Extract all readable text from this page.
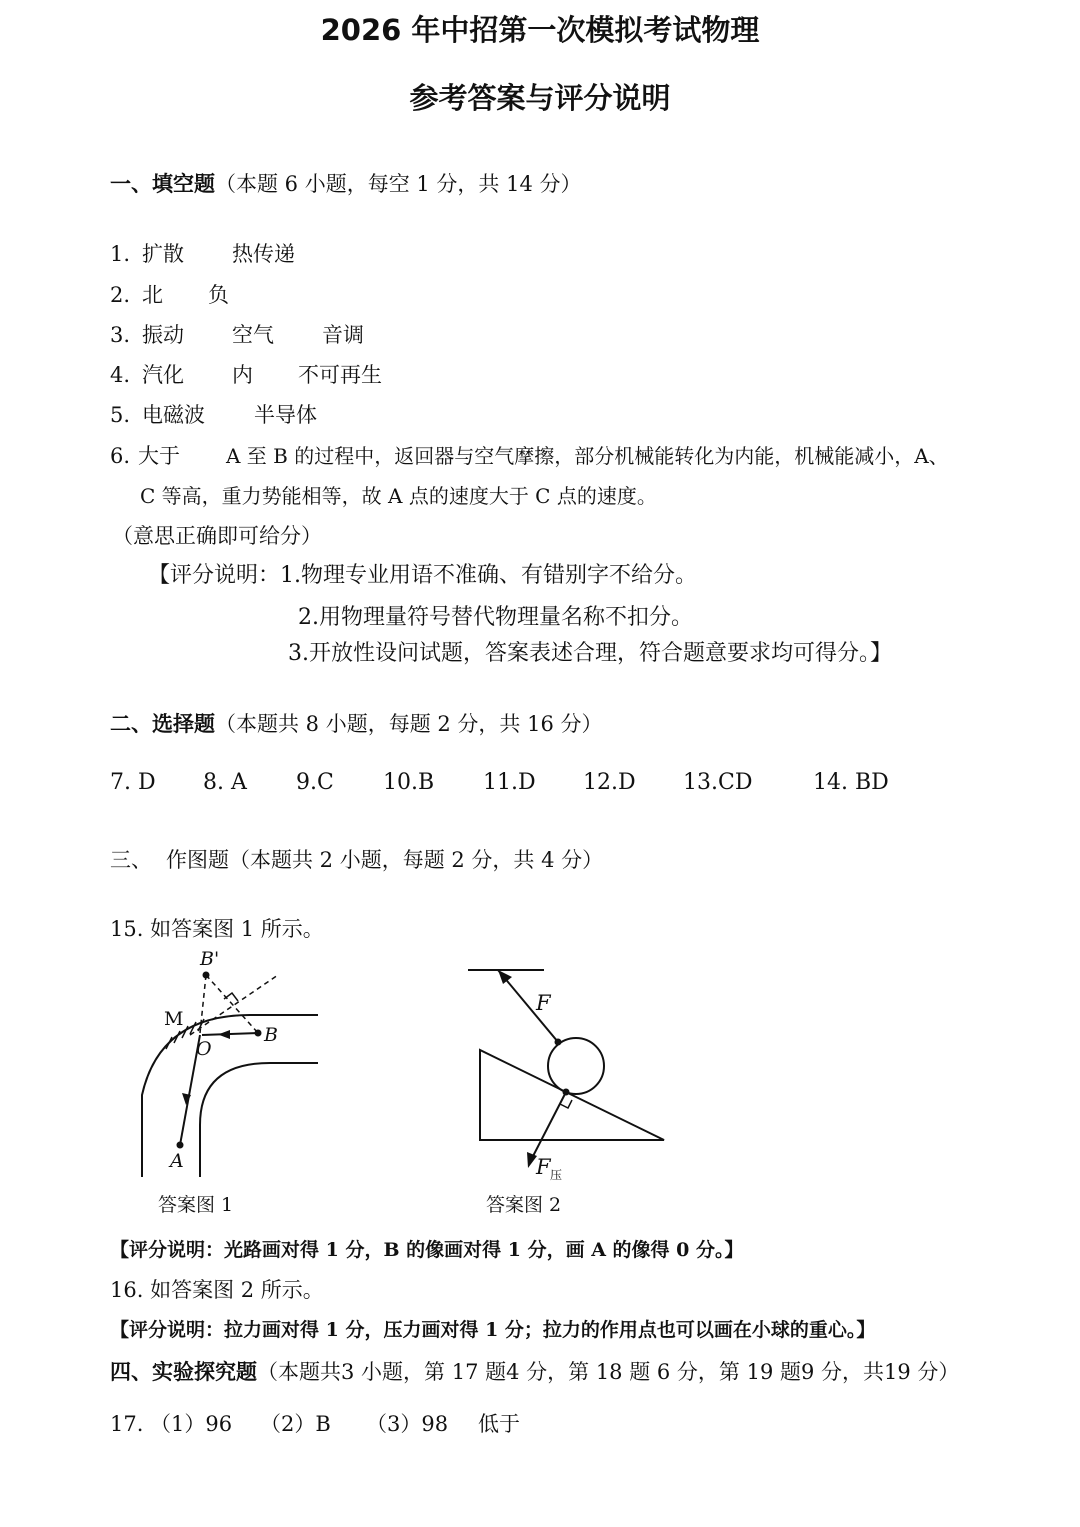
2026 年中招第一次模拟考试物理
参考答案与评分说明
一、填空题（本题 6 小题，每空 1 分，共 14 分）
1. 扩散 热传递
2. 北 负
3. 振动 空气 音调
4. 汽化 内 不可再生
5. 电磁波 半导体
6. 大于 A 至 B 的过程中，返回器与空气摩擦，部分机械能转化为内能，机械能减小，A、
C 等高，重力势能相等，故 A 点的速度大于 C 点的速度。
（意思正确即可给分）
【评分说明：1.物理专业用语不准确、有错别字不给分。
2.用物理量符号替代物理量名称不扣分。
3.开放性设问试题，答案表述合理，符合题意要求均可得分。】
二、选择题（本题共 8 小题，每题 2 分，共 16 分）
7. D 8. A 9.C 10.B 11.D 12.D 13.CD	14. BD
三、 作图题（本题共 2 小题，每题 2 分，共 4 分）
15. 如答案图 1 所示。
B'
M
O
B
A
答案图 1
F
F 压
答案图 2
【评分说明：光路画对得 1 分，B 的像画对得 1 分，画 A 的像得 0 分。】
16. 如答案图 2 所示。
【评分说明：拉力画对得 1 分，压力画对得 1 分；拉力的作用点也可以画在小球的重心。】
四、实验探究题（本题共3 小题，第 17 题4 分，第 18 题 6 分，第 19 题9 分，共19 分）
17. （1）96 （2）B （3）98 低于
